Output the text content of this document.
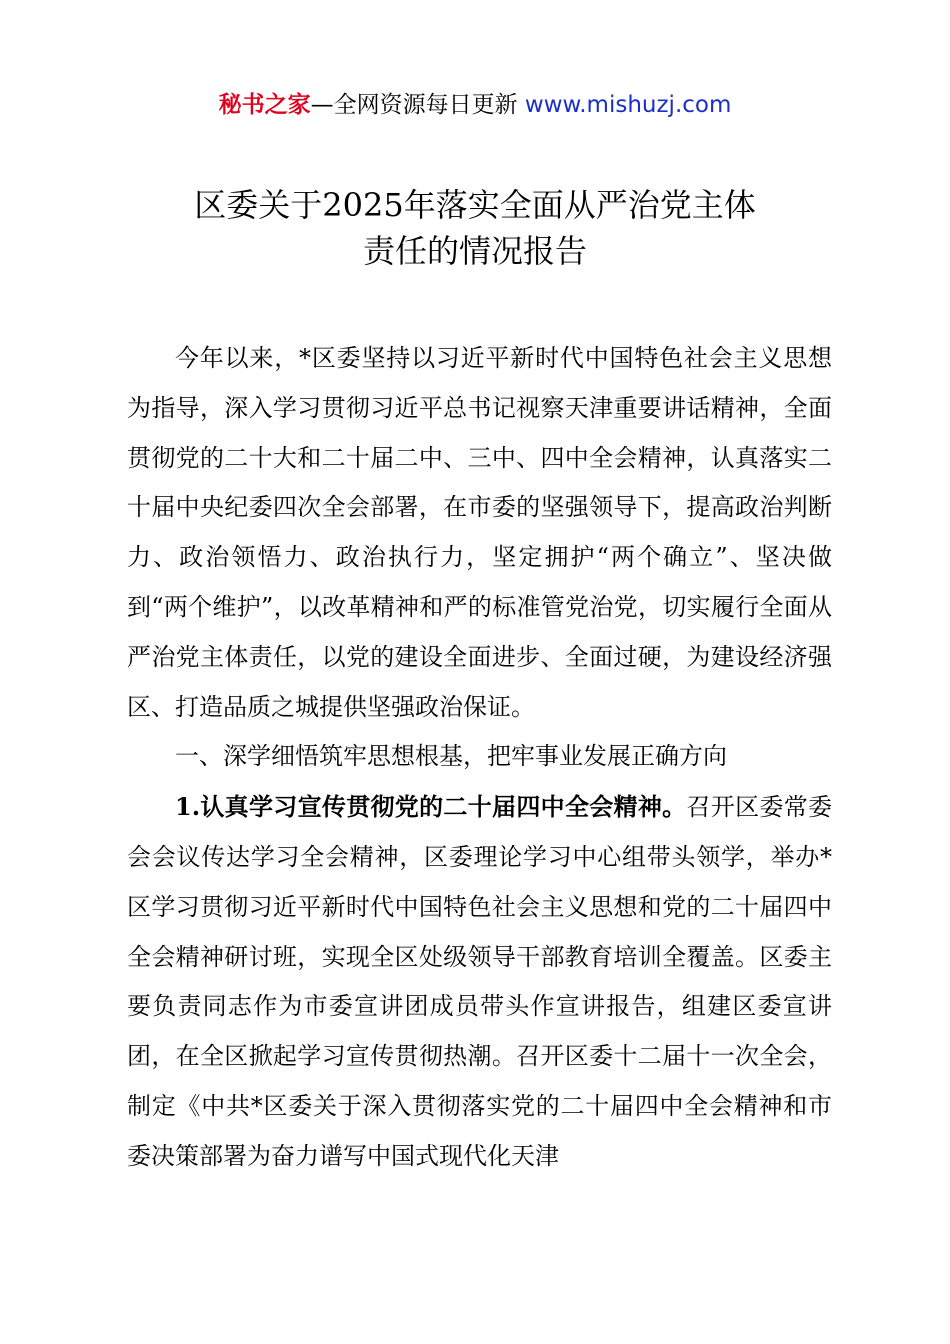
秘书之家—全网资源每日更新 www.mishuzj.com
区委关于2025年落实全面从严治党主体
责任的情况报告

今年以来，*区委坚持以习近平新时代中国特色社会主义思想为指导，深入学习贯彻习近平总书记视察天津重要讲话精神，全面贯彻党的二十大和二十届二中、三中、四中全会精神，认真落实二十届中央纪委四次全会部署，在市委的坚强领导下，提高政治判断力、政治领悟力、政治执行力，坚定拥护“两个确立”、坚决做到“两个维护”，以改革精神和严的标准管党治党，切实履行全面从严治党主体责任，以党的建设全面进步、全面过硬，为建设经济强区、打造品质之城提供坚强政治保证。

一、深学细悟筑牢思想根基，把牢事业发展正确方向

1.认真学习宣传贯彻党的二十届四中全会精神。召开区委常委会会议传达学习全会精神，区委理论学习中心组带头领学，举办*区学习贯彻习近平新时代中国特色社会主义思想和党的二十届四中全会精神研讨班，实现全区处级领导干部教育培训全覆盖。区委主要负责同志作为市委宣讲团成员带头作宣讲报告，组建区委宣讲团，在全区掀起学习宣传贯彻热潮。召开区委十二届十一次全会，制定《中共*区委关于深入贯彻落实党的二十届四中全会精神和市委决策部署为奋力谱写中国式现代化天津
